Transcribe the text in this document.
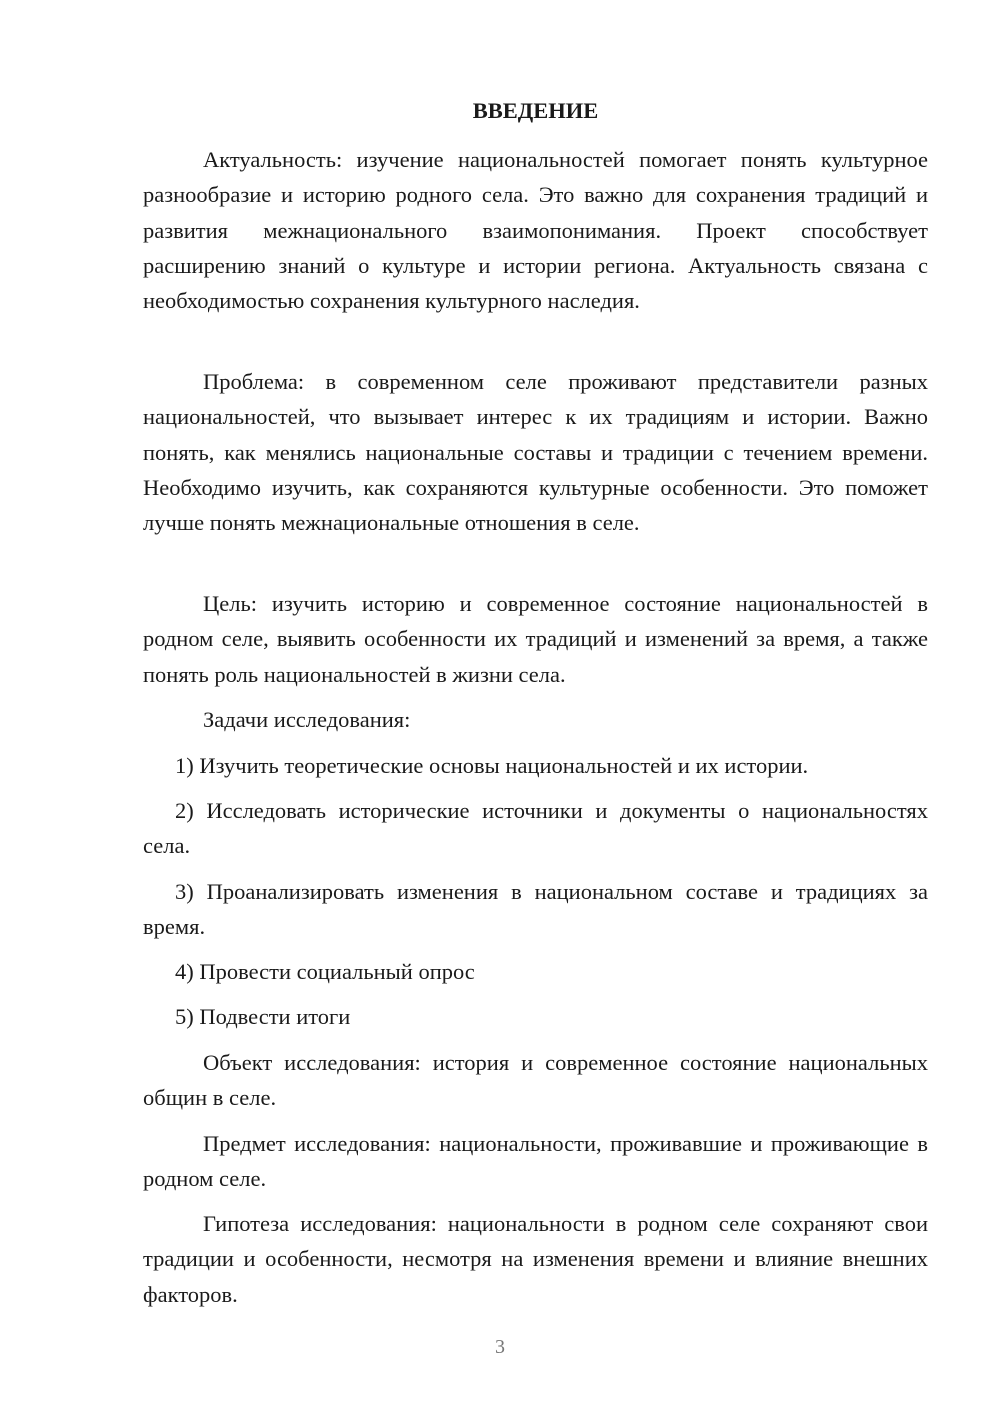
ВВЕДЕНИЕ

Актуальность: изучение национальностей помогает понять культурное разнообразие и историю родного села. Это важно для сохранения традиций и развития межнационального взаимопонимания. Проект способствует расширению знаний о культуре и истории региона. Актуальность связана с необходимостью сохранения культурного наследия.

Проблема: в современном селе проживают представители разных национальностей, что вызывает интерес к их традициям и истории. Важно понять, как менялись национальные составы и традиции с течением времени. Необходимо изучить, как сохраняются культурные особенности. Это поможет лучше понять межнациональные отношения в селе.

Цель: изучить историю и современное состояние национальностей в родном селе, выявить особенности их традиций и изменений за время, а также понять роль национальностей в жизни села.

Задачи исследования:

1) Изучить теоретические основы национальностей и их истории.

2) Исследовать исторические источники и документы о национальностях села.

3) Проанализировать изменения в национальном составе и традициях за время.

4) Провести социальный опрос

5) Подвести итоги

Объект исследования: история и современное состояние национальных общин в селе.

Предмет исследования: национальности, проживавшие и проживающие в родном селе.

Гипотеза исследования: национальности в родном селе сохраняют свои традиции и особенности, несмотря на изменения времени и влияние внешних факторов.

3
